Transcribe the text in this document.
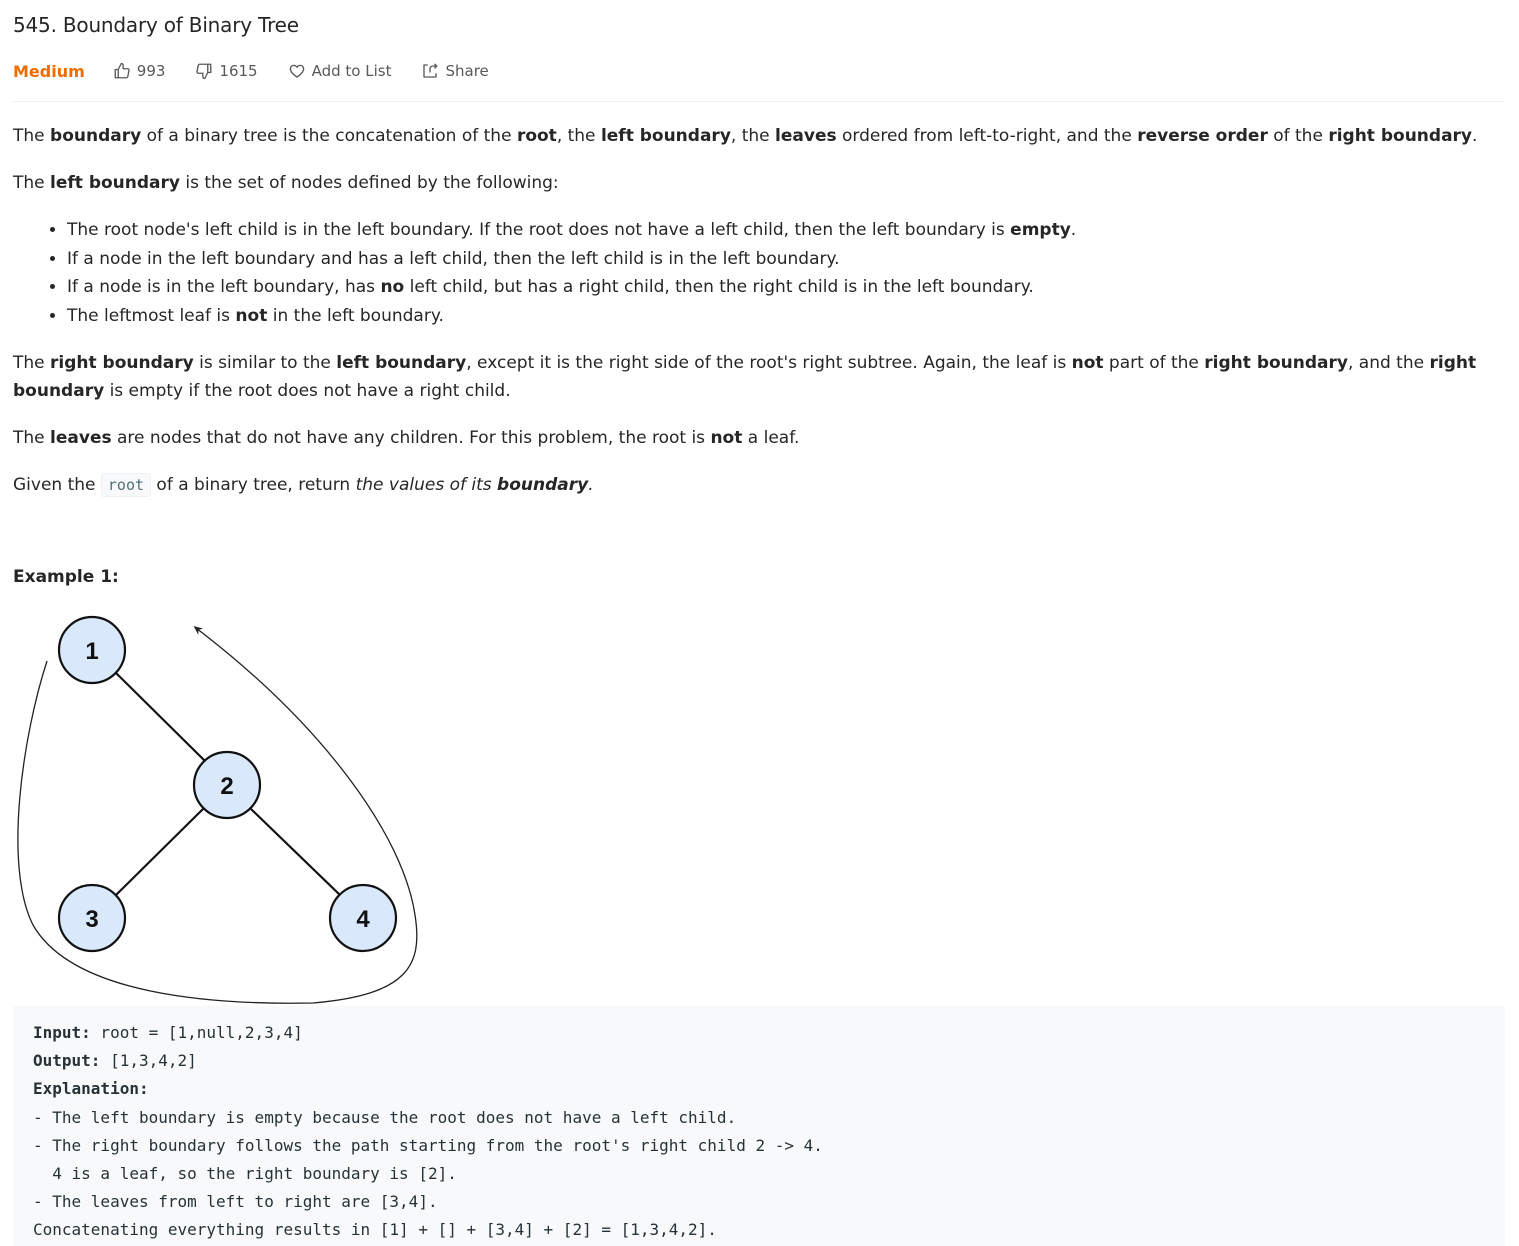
545. Boundary of Binary Tree
Medium	993	1615	Add to List	Share

The boundary of a binary tree is the concatenation of the root, the left boundary, the leaves ordered from left-to-right, and the reverse order of the right boundary.

The left boundary is the set of nodes defined by the following:

• The root node's left child is in the left boundary. If the root does not have a left child, then the left boundary is empty.
• If a node in the left boundary and has a left child, then the left child is in the left boundary.
• If a node is in the left boundary, has no left child, but has a right child, then the right child is in the left boundary.
• The leftmost leaf is not in the left boundary.

The right boundary is similar to the left boundary, except it is the right side of the root's right subtree. Again, the leaf is not part of the right boundary, and the right boundary is empty if the root does not have a right child.

The leaves are nodes that do not have any children. For this problem, the root is not a leaf.

Given the root of a binary tree, return the values of its boundary.

Example 1:
1
2
3	4
Input: root = [1,null,2,3,4]
Output: [1,3,4,2]
Explanation:
- The left boundary is empty because the root does not have a left child.
- The right boundary follows the path starting from the root's right child 2 -> 4.
4 is a leaf, so the right boundary is [2].
- The leaves from left to right are [3,4].
Concatenating everything results in [1] + [] + [3,4] + [2] = [1,3,4,2].
